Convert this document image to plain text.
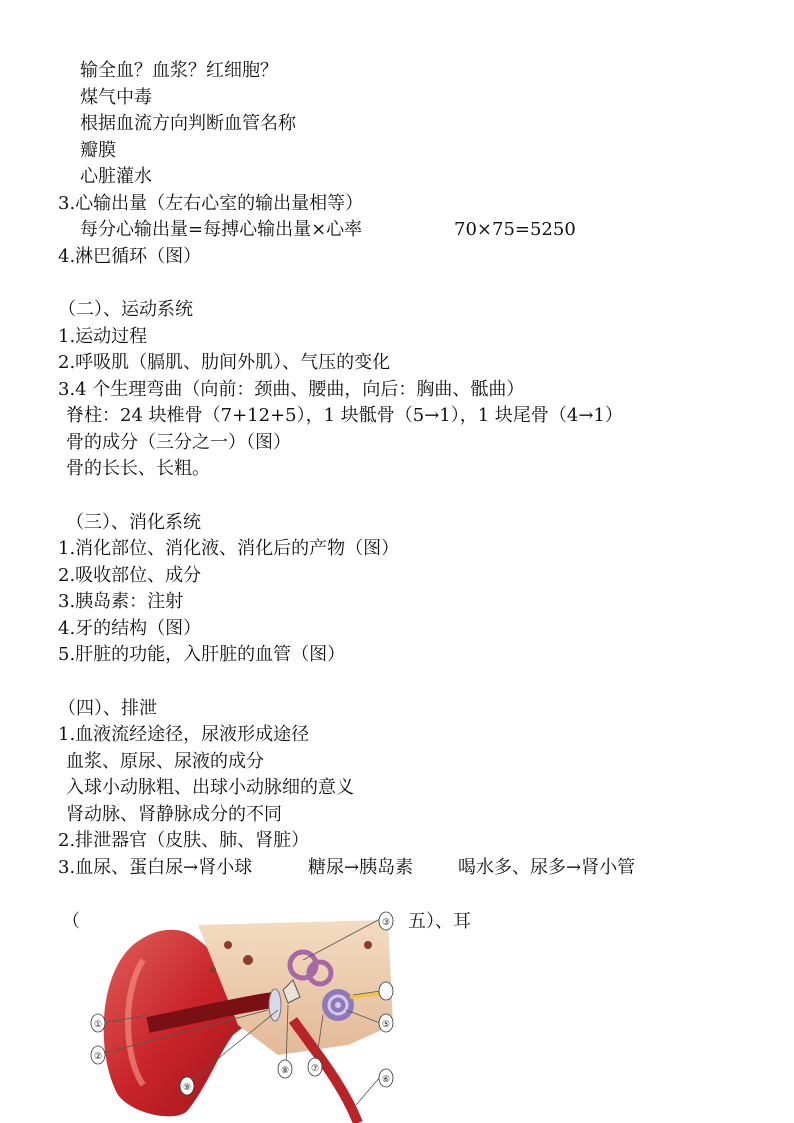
输全血？血浆？红细胞？
煤气中毒
根据血流方向判断血管名称
瓣膜
心脏灌水
3.心输出量（左右心室的输出量相等）
每分心输出量=每搏心输出量×心率	70×75=5250
4.淋巴循环（图）
（二）、运动系统
1.运动过程
2.呼吸肌（膈肌、肋间外肌）、气压的变化
3.4 个生理弯曲（向前：颈曲、腰曲，向后：胸曲、骶曲）
脊柱：24 块椎骨（7+12+5），1 块骶骨（5→1），1 块尾骨（4→1）
骨的成分（三分之一）（图）
骨的长长、长粗。
（三）、消化系统
1.消化部位、消化液、消化后的产物（图）
2.吸收部位、成分
3.胰岛素：注射
4.牙的结构（图）
5.肝脏的功能，入肝脏的血管（图）
（四）、排泄
1.血液流经途径，尿液形成途径
血浆、原尿、尿液的成分
入球小动脉粗、出球小动脉细的意义
肾动脉、肾静脉成分的不同
2.排泄器官（皮肤、肺、肾脏）
3.血尿、蛋白尿→肾小球	糖尿→胰岛素 喝水多、尿多→肾小管
（	五）、耳
①
②
③
⑤
⑥
⑦
⑧
⑨
